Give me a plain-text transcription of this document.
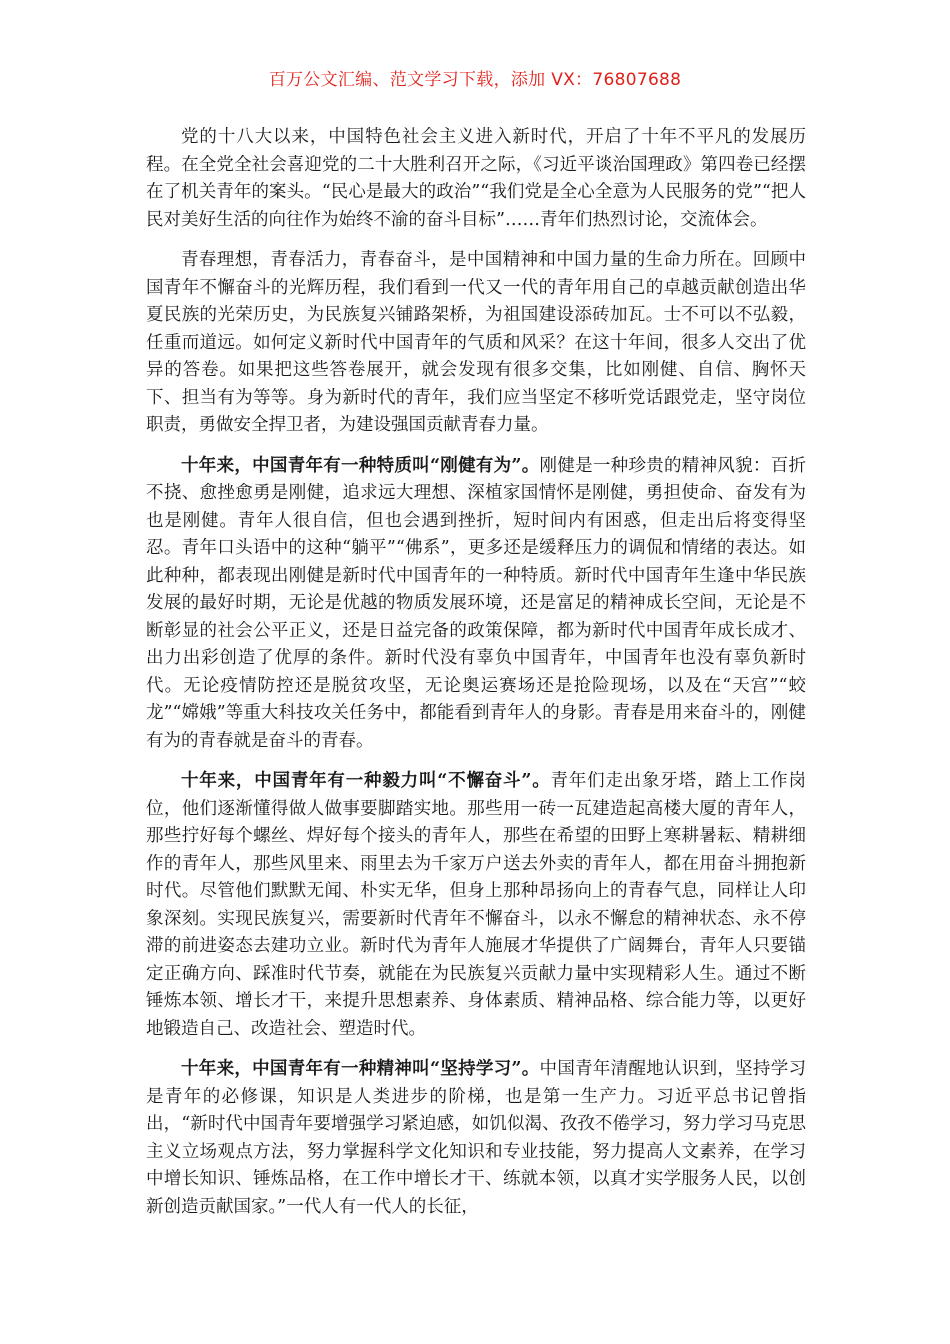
百万公文汇编、范文学习下载，添加 VX：76807688

党的十八大以来，中国特色社会主义进入新时代，开启了十年不平凡的发展历程。在全党全社会喜迎党的二十大胜利召开之际，《习近平谈治国理政》第四卷已经摆在了机关青年的案头。“民心是最大的政治”“我们党是全心全意为人民服务的党”“把人民对美好生活的向往作为始终不渝的奋斗目标”……青年们热烈讨论，交流体会。

青春理想，青春活力，青春奋斗，是中国精神和中国力量的生命力所在。回顾中国青年不懈奋斗的光辉历程，我们看到一代又一代的青年用自己的卓越贡献创造出华夏民族的光荣历史，为民族复兴铺路架桥，为祖国建设添砖加瓦。士不可以不弘毅，任重而道远。如何定义新时代中国青年的气质和风采？在这十年间，很多人交出了优异的答卷。如果把这些答卷展开，就会发现有很多交集，比如刚健、自信、胸怀天下、担当有为等等。身为新时代的青年，我们应当坚定不移听党话跟党走，坚守岗位职责，勇做安全捍卫者，为建设强国贡献青春力量。

十年来，中国青年有一种特质叫“刚健有为”。刚健是一种珍贵的精神风貌：百折不挠、愈挫愈勇是刚健，追求远大理想、深植家国情怀是刚健，勇担使命、奋发有为也是刚健。青年人很自信，但也会遇到挫折，短时间内有困惑，但走出后将变得坚忍。青年口头语中的这种“躺平”“佛系”，更多还是缓释压力的调侃和情绪的表达。如此种种，都表现出刚健是新时代中国青年的一种特质。新时代中国青年生逢中华民族发展的最好时期，无论是优越的物质发展环境，还是富足的精神成长空间，无论是不断彰显的社会公平正义，还是日益完备的政策保障，都为新时代中国青年成长成才、出力出彩创造了优厚的条件。新时代没有辜负中国青年，中国青年也没有辜负新时代。无论疫情防控还是脱贫攻坚，无论奥运赛场还是抢险现场，以及在“天宫”“蛟龙”“嫦娥”等重大科技攻关任务中，都能看到青年人的身影。青春是用来奋斗的，刚健有为的青春就是奋斗的青春。

十年来，中国青年有一种毅力叫“不懈奋斗”。青年们走出象牙塔，踏上工作岗位，他们逐渐懂得做人做事要脚踏实地。那些用一砖一瓦建造起高楼大厦的青年人，那些拧好每个螺丝、焊好每个接头的青年人，那些在希望的田野上寒耕暑耘、精耕细作的青年人，那些风里来、雨里去为千家万户送去外卖的青年人，都在用奋斗拥抱新时代。尽管他们默默无闻、朴实无华，但身上那种昂扬向上的青春气息，同样让人印象深刻。实现民族复兴，需要新时代青年不懈奋斗，以永不懈怠的精神状态、永不停滞的前进姿态去建功立业。新时代为青年人施展才华提供了广阔舞台，青年人只要锚定正确方向、踩准时代节奏，就能在为民族复兴贡献力量中实现精彩人生。通过不断锤炼本领、增长才干，来提升思想素养、身体素质、精神品格、综合能力等，以更好地锻造自己、改造社会、塑造时代。

十年来，中国青年有一种精神叫“坚持学习”。中国青年清醒地认识到，坚持学习是青年的必修课，知识是人类进步的阶梯，也是第一生产力。习近平总书记曾指出，“新时代中国青年要增强学习紧迫感，如饥似渴、孜孜不倦学习，努力学习马克思主义立场观点方法，努力掌握科学文化知识和专业技能，努力提高人文素养，在学习中增长知识、锤炼品格，在工作中增长才干、练就本领，以真才实学服务人民，以创新创造贡献国家。”一代人有一代人的长征，
